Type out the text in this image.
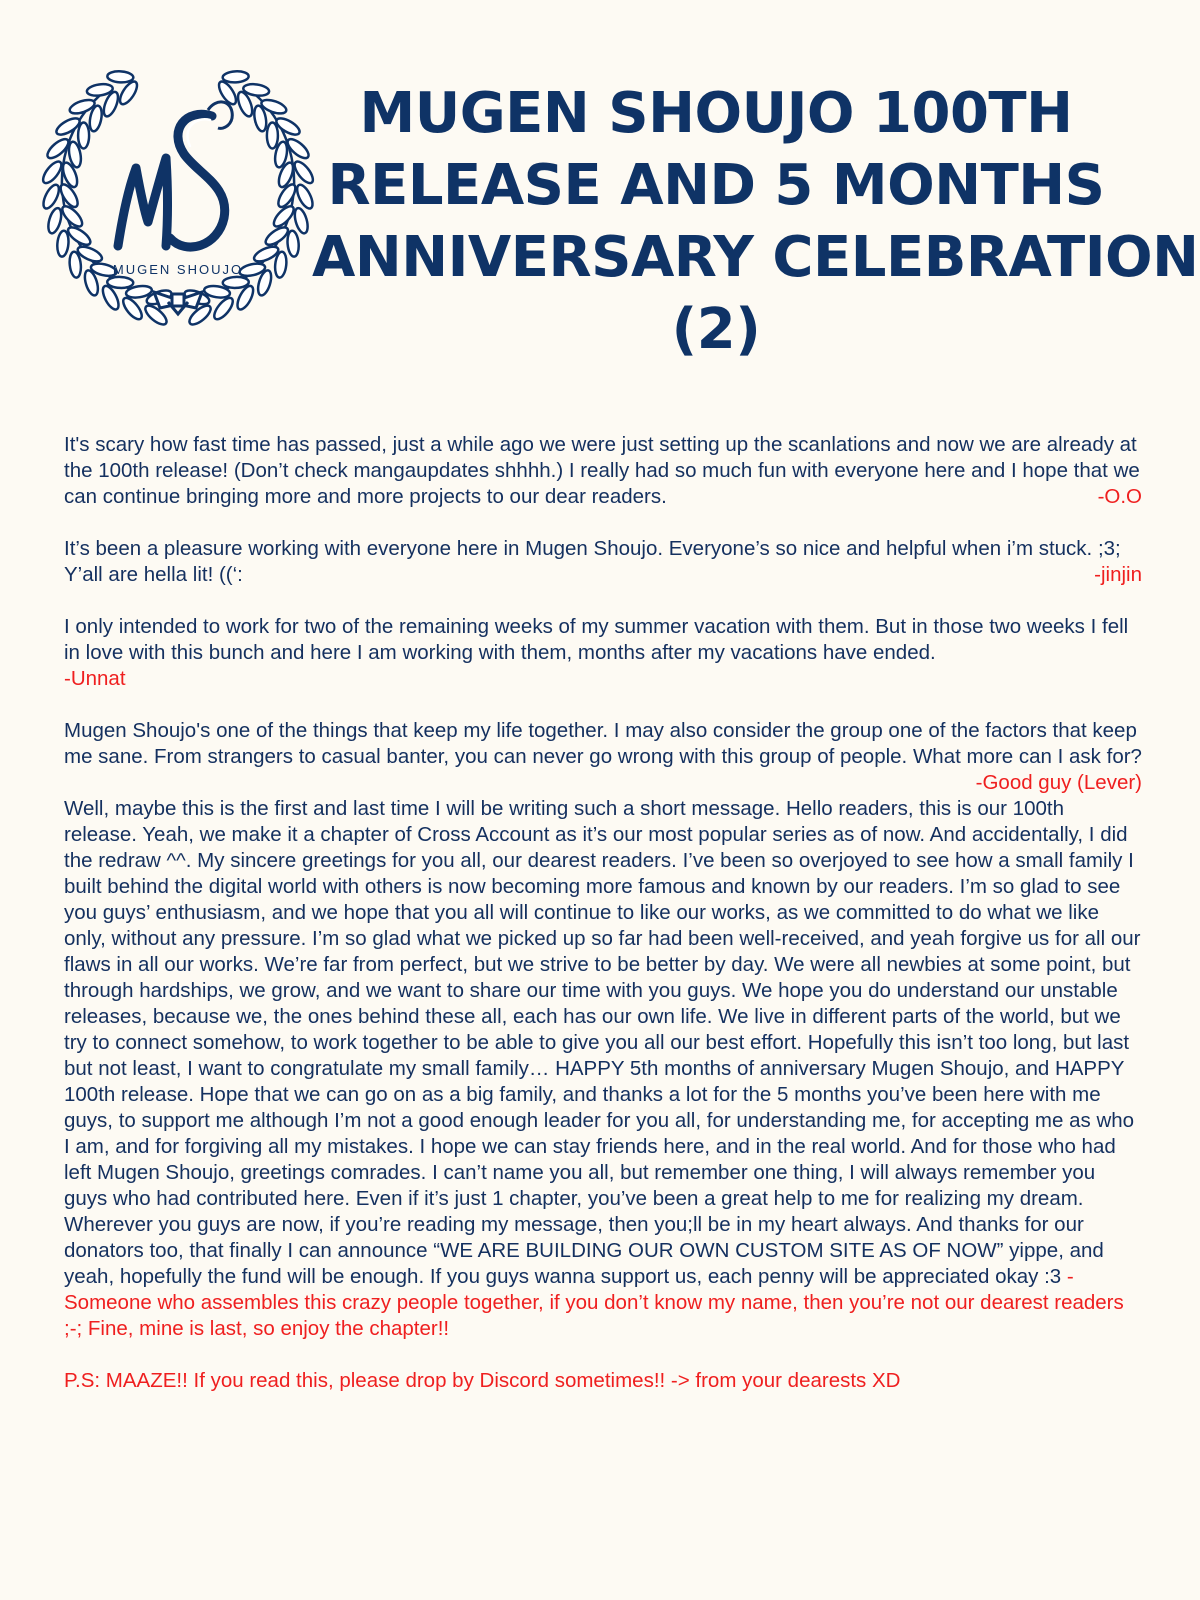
MUGEN SHOUJO
MUGEN SHOUJO 100TH
RELEASE AND 5 MONTHS
ANNIVERSARY CELEBRATION
(2)

It's scary how fast time has passed, just a while ago we were just setting up the scanlations and now we are already at the 100th release! (Don’t check mangaupdates shhhh.) I really had so much fun with everyone here and I hope that we can continue bringing more and more projects to our dear readers.	-O.O

It’s been a pleasure working with everyone here in Mugen Shoujo. Everyone’s so nice and helpful when i’m stuck. ;3; Y’all are hella lit! ((‘:	-jinjin

I only intended to work for two of the remaining weeks of my summer vacation with them. But in those two weeks I fell in love with this bunch and here I am working with them, months after my vacations have ended.
-Unnat

Mugen Shoujo's one of the things that keep my life together. I may also consider the group one of the factors that keep me sane. From strangers to casual banter, you can never go wrong with this group of people. What more can I ask for?
-Good guy (Lever)

Well, maybe this is the first and last time I will be writing such a short message. Hello readers, this is our 100th release. Yeah, we make it a chapter of Cross Account as it’s our most popular series as of now. And accidentally, I did the redraw ^^. My sincere greetings for you all, our dearest readers. I’ve been so overjoyed to see how a small family I built behind the digital world with others is now becoming more famous and known by our readers. I’m so glad to see you guys’ enthusiasm, and we hope that you all will continue to like our works, as we committed to do what we like only, without any pressure. I’m so glad what we picked up so far had been well-received, and yeah forgive us for all our flaws in all our works. We’re far from perfect, but we strive to be better by day. We were all newbies at some point, but through hardships, we grow, and we want to share our time with you guys. We hope you do understand our unstable releases, because we, the ones behind these all, each has our own life. We live in different parts of the world, but we try to connect somehow, to work together to be able to give you all our best effort. Hopefully this isn’t too long, but last but not least, I want to congratulate my small family… HAPPY 5th months of anniversary Mugen Shoujo, and HAPPY 100th release. Hope that we can go on as a big family, and thanks a lot for the 5 months you’ve been here with me guys, to support me although I’m not a good enough leader for you all, for understanding me, for accepting me as who I am, and for forgiving all my mistakes. I hope we can stay friends here, and in the real world. And for those who had left Mugen Shoujo, greetings comrades. I can’t name you all, but remember one thing, I will always remember you guys who had contributed here. Even if it’s just 1 chapter, you’ve been a great help to me for realizing my dream. Wherever you guys are now, if you’re reading my message, then you;ll be in my heart always. And thanks for our donators too, that finally I can announce “WE ARE BUILDING OUR OWN CUSTOM SITE AS OF NOW” yippe, and yeah, hopefully the fund will be enough. If you guys wanna support us, each penny will be appreciated okay :3 -Someone who assembles this crazy people together, if you don’t know my name, then you’re not our dearest readers ;-; Fine, mine is last, so enjoy the chapter!!

P.S: MAAZE!! If you read this, please drop by Discord sometimes!! -> from your dearests XD
